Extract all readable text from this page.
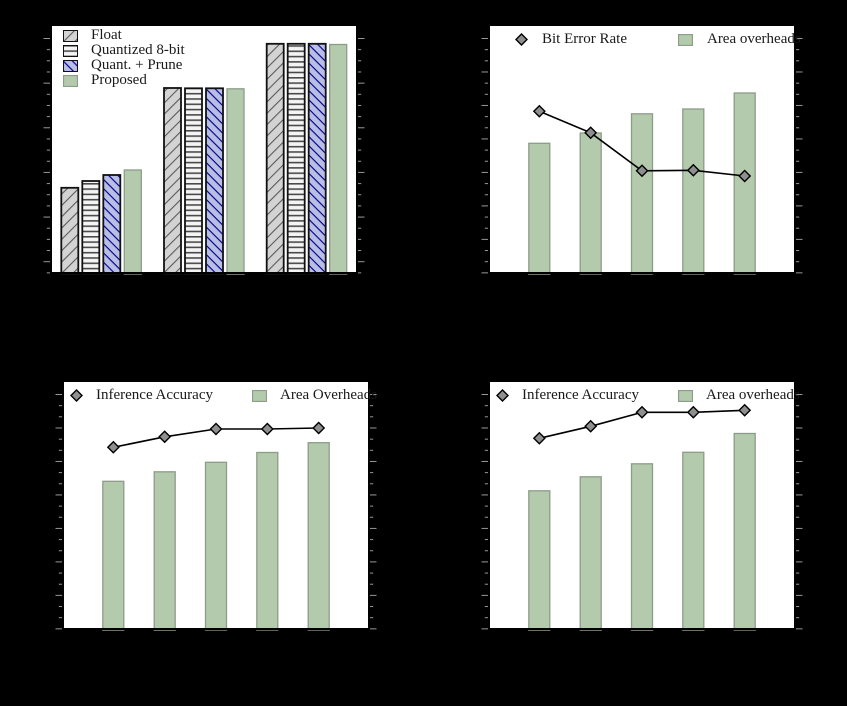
Float
Quantized 8-bit
Quant. + Prune
Proposed
Bit Error Rate	Area overheads
Inference Accuracy	Area Overheads	Inference Accuracy	Area overheads
